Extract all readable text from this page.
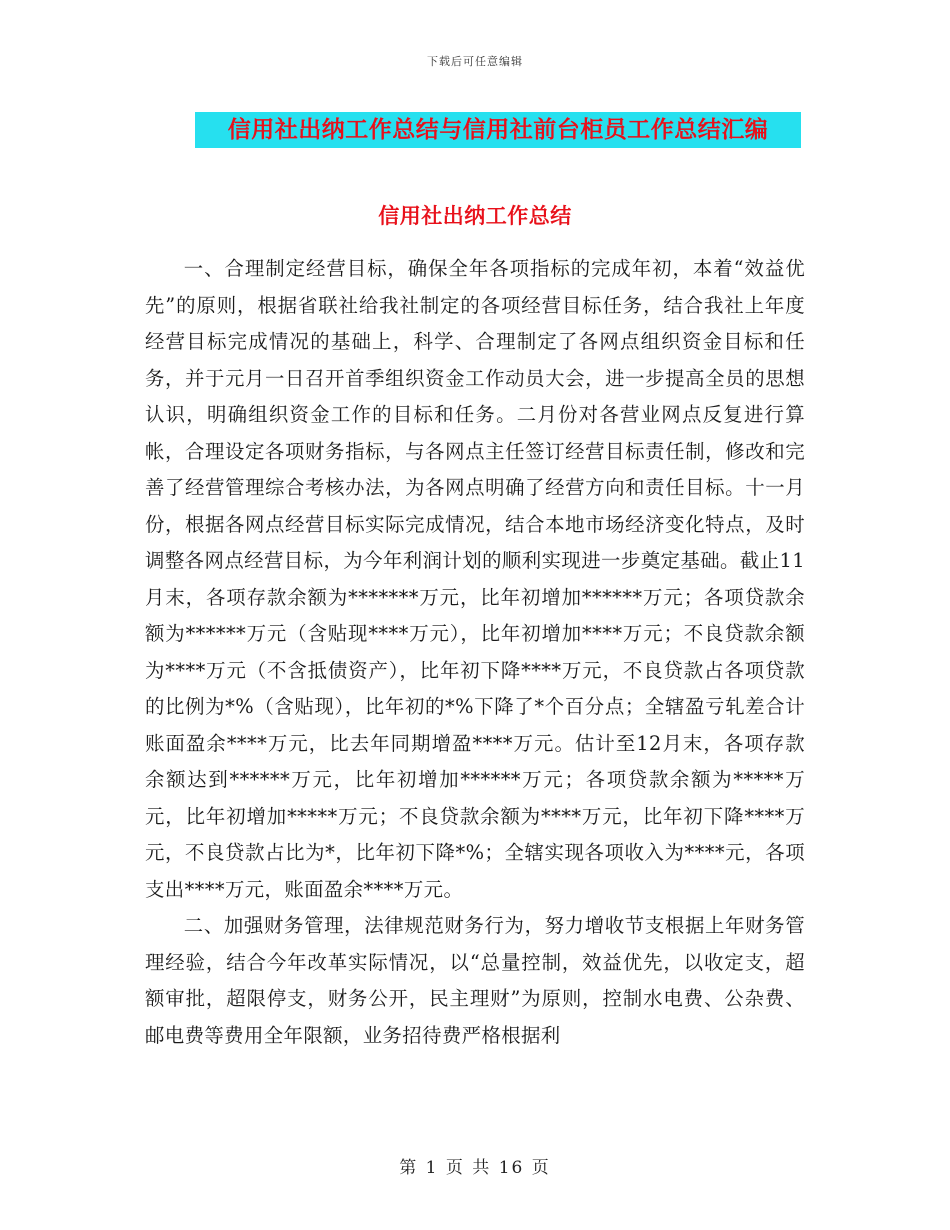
下载后可任意编辑
信用社出纳工作总结与信用社前台柜员工作总结汇编
信用社出纳工作总结

一、合理制定经营目标，确保全年各项指标的完成年初，本着“效益优先”的原则，根据省联社给我社制定的各项经营目标任务，结合我社上年度经营目标完成情况的基础上，科学、合理制定了各网点组织资金目标和任务，并于元月一日召开首季组织资金工作动员大会，进一步提高全员的思想认识，明确组织资金工作的目标和任务。二月份对各营业网点反复进行算帐，合理设定各项财务指标，与各网点主任签订经营目标责任制，修改和完善了经营管理综合考核办法，为各网点明确了经营方向和责任目标。十一月份，根据各网点经营目标实际完成情况，结合本地市场经济变化特点，及时调整各网点经营目标，为今年利润计划的顺利实现进一步奠定基础。截止11月末，各项存款余额为*******万元，比年初增加******万元；各项贷款余额为******万元（含贴现****万元），比年初增加****万元；不良贷款余额为****万元（不含抵债资产），比年初下降****万元，不良贷款占各项贷款的比例为*%（含贴现），比年初的*%下降了*个百分点；全辖盈亏轧差合计账面盈余****万元，比去年同期增盈****万元。估计至12月末，各项存款余额达到******万元，比年初增加******万元；各项贷款余额为*****万元，比年初增加*****万元；不良贷款余额为****万元，比年初下降****万元，不良贷款占比为*，比年初下降*%；全辖实现各项收入为****元，各项支出****万元，账面盈余****万元。

二、加强财务管理，法律规范财务行为，努力增收节支根据上年财务管理经验，结合今年改革实际情况，以“总量控制，效益优先，以收定支，超额审批，超限停支，财务公开，民主理财”为原则，控制水电费、公杂费、邮电费等费用全年限额，业务招待费严格根据利

第 1 页 共 16 页
